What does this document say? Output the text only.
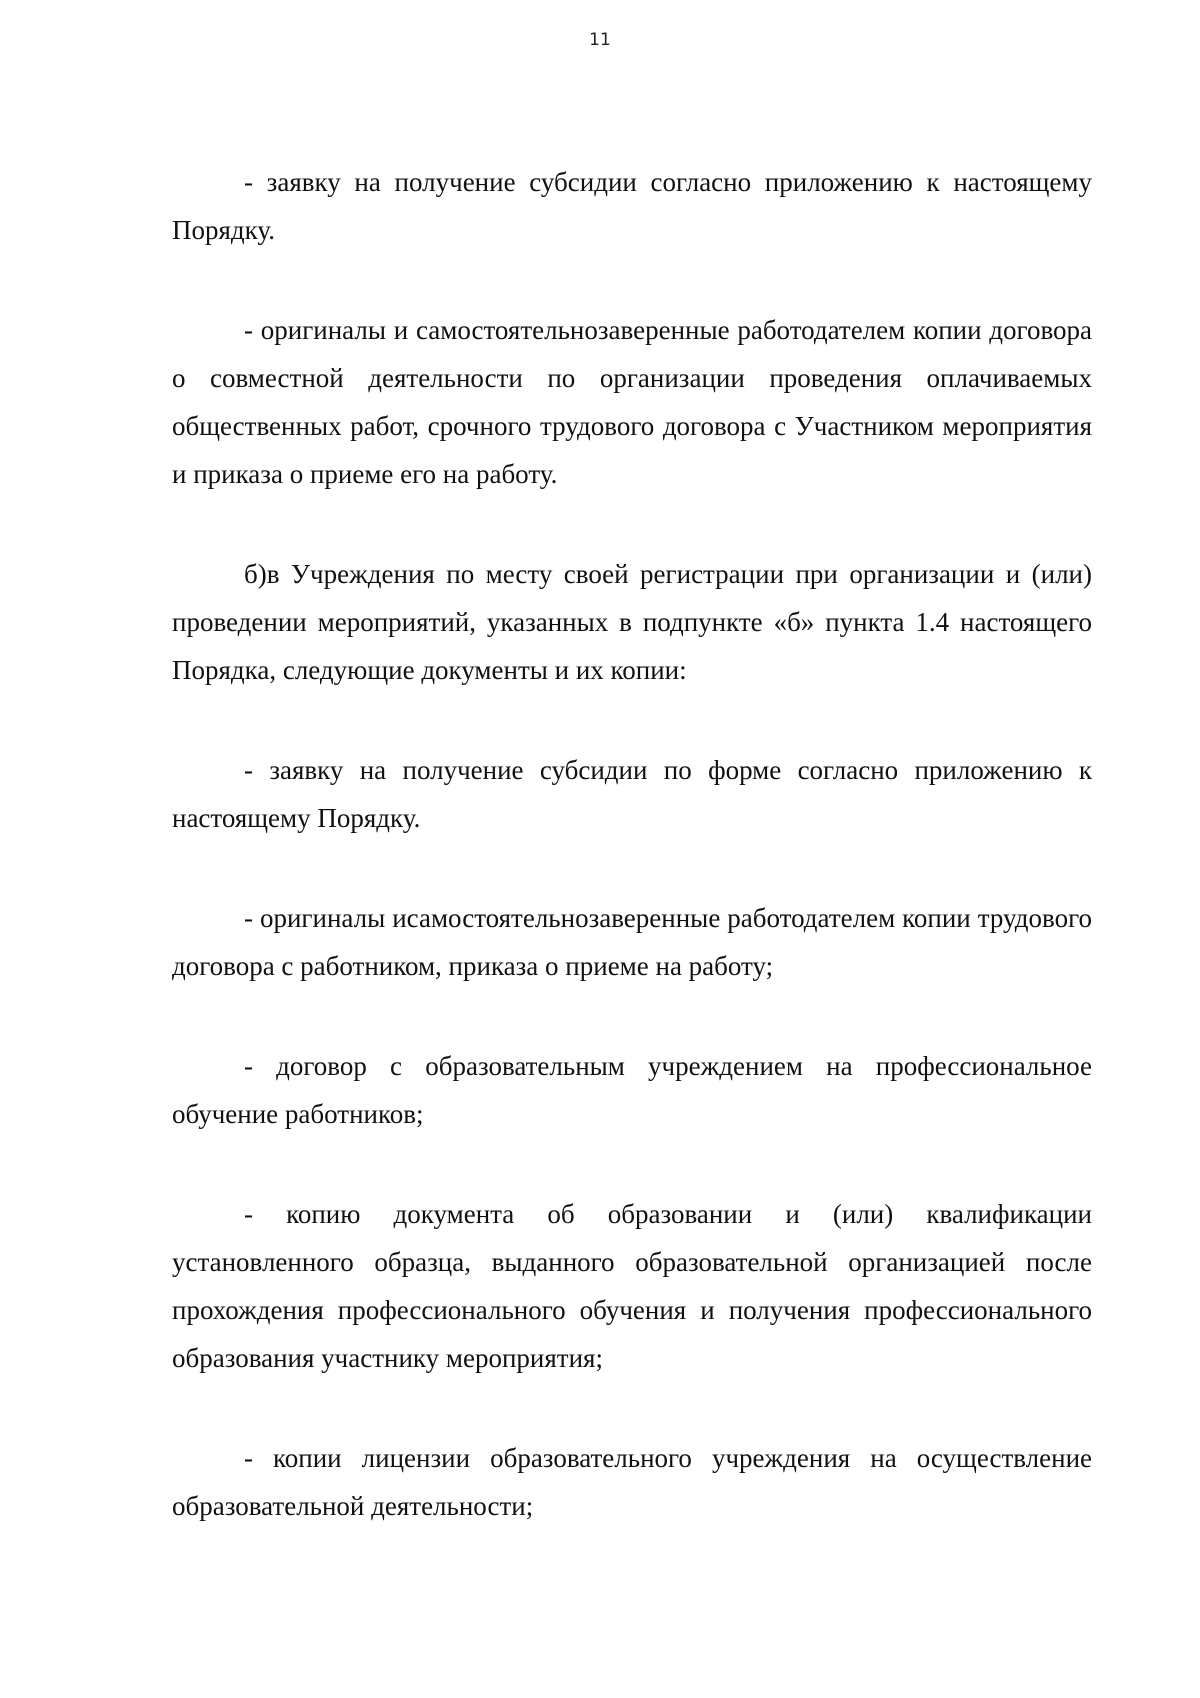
11

- заявку на получение субсидии согласно приложению к настоящему Порядку.

- оригиналы и самостоятельнозаверенные работодателем копии договора о совместной деятельности по организации проведения оплачиваемых общественных работ, срочного трудового договора с Участником мероприятия и приказа о приеме его на работу.

б)в Учреждения по месту своей регистрации при организации и (или) проведении мероприятий, указанных в подпункте «б» пункта 1.4 настоящего Порядка, следующие документы и их копии:

- заявку на получение субсидии по форме согласно приложению к настоящему Порядку.

- оригиналы исамостоятельнозаверенные работодателем копии трудового договора с работником, приказа о приеме на работу;

- договор с образовательным учреждением на профессиональное обучение работников;

- копию документа об образовании и (или) квалификации установленного образца, выданного образовательной организацией после прохождения профессионального обучения и получения профессионального образования участнику мероприятия;

- копии лицензии образовательного учреждения на осуществление образовательной деятельности;
